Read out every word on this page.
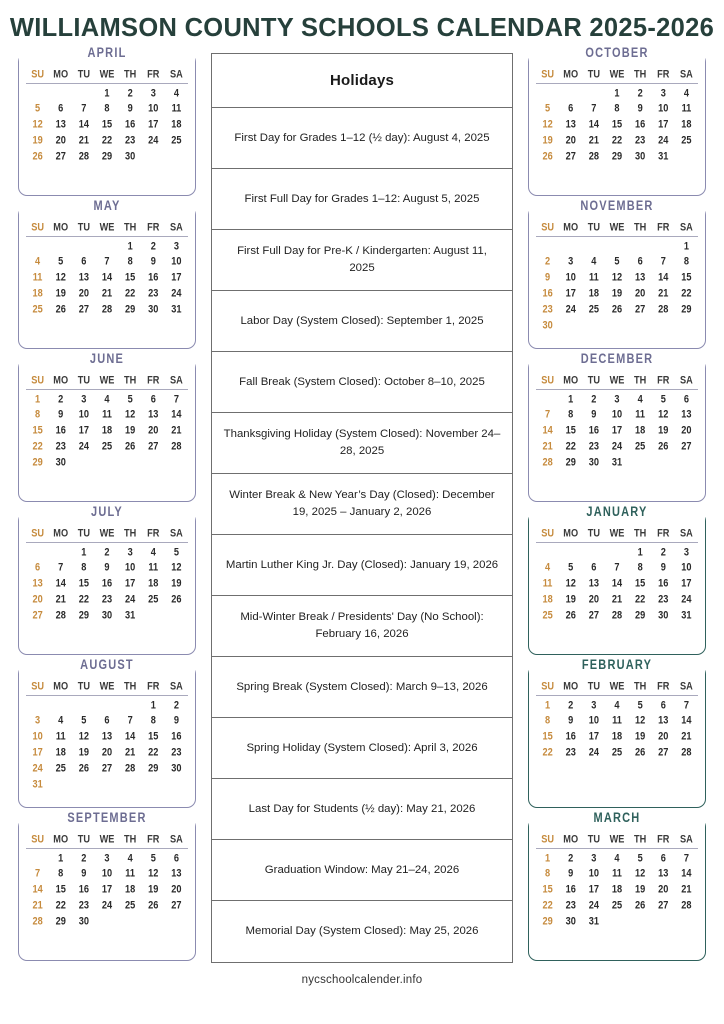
WILLIAMSON COUNTY SCHOOLS CALENDAR 2025-2026
APRIL
SU	MO	TU	WE	TH	FR	SA
			1	2	3	4
5	6	7	8	9	10	11
12	13	14	15	16	17	18
19	20	21	22	23	24	25
26	27	28	29	30		
MAY
SU	MO	TU	WE	TH	FR	SA
				1	2	3
4	5	6	7	8	9	10
11	12	13	14	15	16	17
18	19	20	21	22	23	24
25	26	27	28	29	30	31
JUNE
SU	MO	TU	WE	TH	FR	SA
1	2	3	4	5	6	7
8	9	10	11	12	13	14
15	16	17	18	19	20	21
22	23	24	25	26	27	28
29	30					
JULY
SU	MO	TU	WE	TH	FR	SA
		1	2	3	4	5
6	7	8	9	10	11	12
13	14	15	16	17	18	19
20	21	22	23	24	25	26
27	28	29	30	31		
AUGUST
SU	MO	TU	WE	TH	FR	SA
					1	2
3	4	5	6	7	8	9
10	11	12	13	14	15	16
17	18	19	20	21	22	23
24	25	26	27	28	29	30
31						
SEPTEMBER
SU	MO	TU	WE	TH	FR	SA
	1	2	3	4	5	6
7	8	9	10	11	12	13
14	15	16	17	18	19	20
21	22	23	24	25	26	27
28	29	30				
Holidays
First Day for Grades 1–12 (½ day): August 4, 2025
First Full Day for Grades 1–12: August 5, 2025
First Full Day for Pre-K / Kindergarten: August 11, 2025
Labor Day (System Closed): September 1, 2025
Fall Break (System Closed): October 8–10, 2025
Thanksgiving Holiday (System Closed): November 24–28, 2025
Winter Break & New Year’s Day (Closed): December 19, 2025 – January 2, 2026
Martin Luther King Jr. Day (Closed): January 19, 2026
Mid-Winter Break / Presidents' Day (No School): February 16, 2026
Spring Break (System Closed): March 9–13, 2026
Spring Holiday (System Closed): April 3, 2026
Last Day for Students (½ day): May 21, 2026
Graduation Window: May 21–24, 2026
Memorial Day (System Closed): May 25, 2026
nycschoolcalender.info
OCTOBER
SU	MO	TU	WE	TH	FR	SA
			1	2	3	4
5	6	7	8	9	10	11
12	13	14	15	16	17	18
19	20	21	22	23	24	25
26	27	28	29	30	31	
NOVEMBER
SU	MO	TU	WE	TH	FR	SA
						1
2	3	4	5	6	7	8
9	10	11	12	13	14	15
16	17	18	19	20	21	22
23	24	25	26	27	28	29
30						
DECEMBER
SU	MO	TU	WE	TH	FR	SA
	1	2	3	4	5	6
7	8	9	10	11	12	13
14	15	16	17	18	19	20
21	22	23	24	25	26	27
28	29	30	31			
JANUARY
SU	MO	TU	WE	TH	FR	SA
				1	2	3
4	5	6	7	8	9	10
11	12	13	14	15	16	17
18	19	20	21	22	23	24
25	26	27	28	29	30	31
FEBRUARY
SU	MO	TU	WE	TH	FR	SA
1	2	3	4	5	6	7
8	9	10	11	12	13	14
15	16	17	18	19	20	21
22	23	24	25	26	27	28
MARCH
SU	MO	TU	WE	TH	FR	SA
1	2	3	4	5	6	7
8	9	10	11	12	13	14
15	16	17	18	19	20	21
22	23	24	25	26	27	28
29	30	31				
